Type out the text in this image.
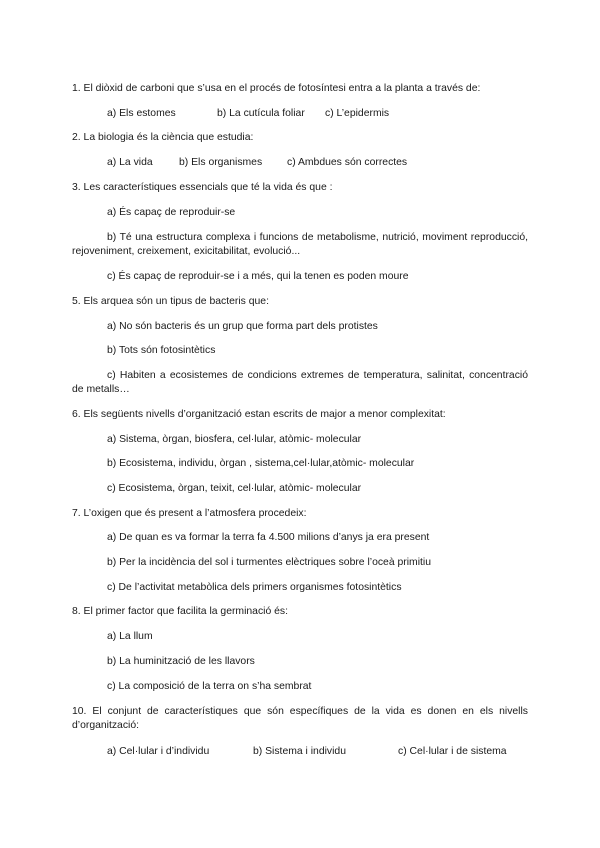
1. El diòxid de carboni que s’usa en el procés de fotosíntesi entra a la planta a través de:
a) Els estomes	b) La cutícula foliar c) L’epidermis
2. La biologia és la ciència que estudia:
a) La vida	b) Els organismes c) Ambdues són correctes
3. Les característiques essencials que té la vida és que :
a) És capaç de reproduir-se
b) Té una estructura complexa i funcions de metabolisme, nutrició, moviment reproducció, rejoveniment, creixement, exicitabilitat, evolució...
c) És capaç de reproduir-se i a més, qui la tenen es poden moure
5. Els arquea són un tipus de bacteris que:
a) No són bacteris és un grup que forma part dels protistes
b) Tots són fotosintètics
c) Habiten a ecosistemes de condicions extremes de temperatura, salinitat, concentració de metalls…
6. Els següents nivells d’organització estan escrits de major a menor complexitat:
a) Sistema, òrgan, biosfera, cel·lular, atòmic- molecular
b) Ecosistema, individu, òrgan , sistema,cel·lular,atòmic- molecular
c) Ecosistema, òrgan, teixit, cel·lular, atòmic- molecular
7. L’oxigen que és present a l’atmosfera procedeix:
a) De quan es va formar la terra fa 4.500 milions d’anys ja era present
b) Per la incidència del sol i turmentes elèctriques sobre l’oceà primitiu
c) De l’activitat metabòlica dels primers organismes fotosintètics
8. El primer factor que facilita la germinació és:
a) La llum
b) La huminització de les llavors
c) La composició de la terra on s’ha sembrat
10. El conjunt de característiques que són específiques de la vida es donen en els nivells d’organització:
a) Cel·lular i d’individu	b) Sistema i individu	c) Cel·lular i de sistema
